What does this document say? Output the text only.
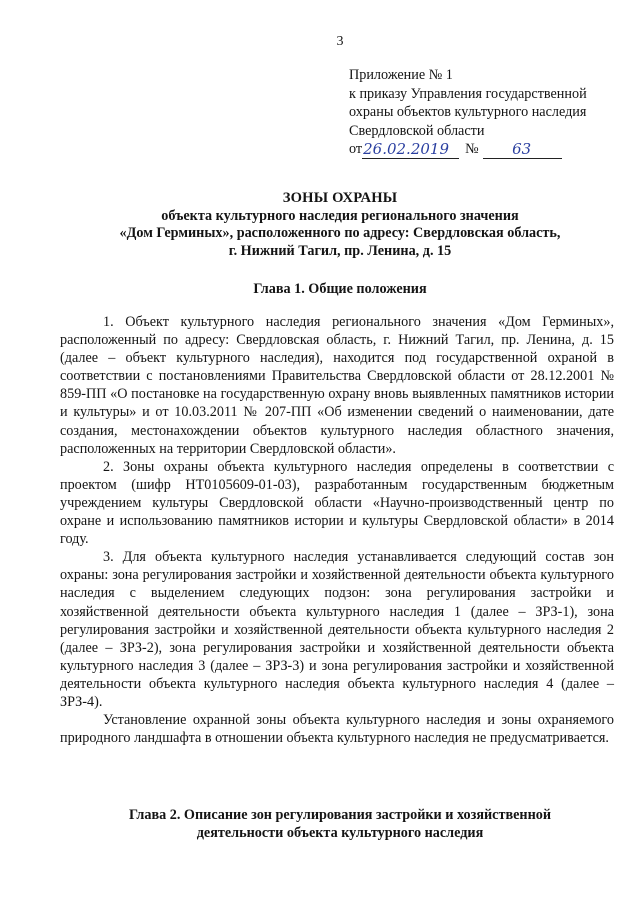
3
Приложение № 1
к приказу Управления государственной
охраны объектов культурного наследия
Свердловской области
от 26.02.2019	№	63
ЗОНЫ ОХРАНЫ
объекта культурного наследия регионального значения
«Дом Герминых», расположенного по адресу: Свердловская область,
г. Нижний Тагил, пр. Ленина, д. 15
Глава 1. Общие положения

1. Объект культурного наследия регионального значения «Дом Герминых», расположенный по адресу: Свердловская область, г. Нижний Тагил, пр. Ленина, д. 15 (далее – объект культурного наследия), находится под государственной охраной в соответствии с постановлениями Правительства Свердловской области от 28.12.2001 № 859-ПП «О постановке на государственную охрану вновь выявленных памятников истории и культуры» и от 10.03.2011 № 207-ПП «Об изменении сведений о наименовании, дате создания, местонахождении объектов культурного наследия областного значения, расположенных на территории Свердловской области».

2. Зоны охраны объекта культурного наследия определены в соответствии с проектом (шифр НТ0105609-01-03), разработанным государственным бюджетным учреждением культуры Свердловской области «Научно-производственный центр по охране и использованию памятников истории и культуры Свердловской области» в 2014 году.

3. Для объекта культурного наследия устанавливается следующий состав зон охраны: зона регулирования застройки и хозяйственной деятельности объекта культурного наследия с выделением следующих подзон: зона регулирования застройки и хозяйственной деятельности объекта культурного наследия 1 (далее – ЗРЗ-1), зона регулирования застройки и хозяйственной деятельности объекта культурного наследия 2 (далее – ЗРЗ-2), зона регулирования застройки и хозяйственной деятельности объекта культурного наследия 3 (далее – ЗРЗ-3) и зона регулирования застройки и хозяйственной деятельности объекта культурного наследия объекта культурного наследия 4 (далее – ЗРЗ-4).

Установление охранной зоны объекта культурного наследия и зоны охраняемого природного ландшафта в отношении объекта культурного наследия не предусматривается.

Глава 2. Описание зон регулирования застройки и хозяйственной
деятельности объекта культурного наследия
